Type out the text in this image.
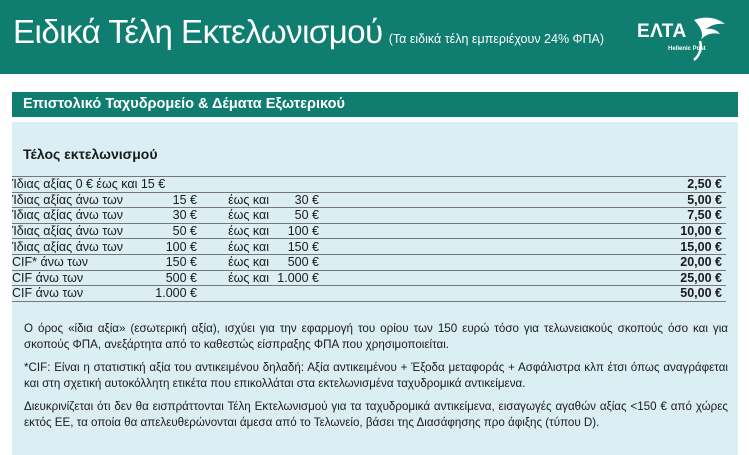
Ειδικά Τέλη Εκτελωνισμού (Τα ειδικά τέλη εμπεριέχουν 24% ΦΠΑ) ΕΛΤΑ
Hellenic Post
Επιστολικό Ταχυδρομείο & Δέματα Εξωτερικού
Τέλος εκτελωνισμού
Ίδιας αξίας 0 € έως και 15 €	2,50 €
Ίδιας αξίας άνω των 15 € έως και 30 €	5,00 €
Ίδιας αξίας άνω των 30 € έως και 50 €	7,50 €
Ίδιας αξίας άνω των 50 € έως και 100 €	10,00 €
Ίδιας αξίας άνω των 100 € έως και 150 €	15,00 €
CIF* άνω των 150 € έως και 500 €	20,00 €
CIF άνω των 500 € έως και 1.000 €	25,00 €
CIF άνω των 1.000 €	50,00 €

Ο όρος «ίδια αξία» (εσωτερική αξία), ισχύει για την εφαρμογή του ορίου των 150 ευρώ τόσο για τελωνειακούς σκοπούς όσο και για σκοπούς ΦΠΑ, ανεξάρτητα από το καθεστώς είσπραξης ΦΠΑ που χρησιμοποιείται.

*CIF: Είναι η στατιστική αξία του αντικειμένου δηλαδή: Αξία αντικειμένου + Έξοδα μεταφοράς + Ασφάλιστρα κλπ έτσι όπως αναγράφεται και στη σχετική αυτοκόλλητη ετικέτα που επικολλάται στα εκτελωνισμένα ταχυδρομικά αντικείμενα.

Διευκρινίζεται ότι δεν θα εισπράττονται Τέλη Εκτελωνισμού για τα ταχυδρομικά αντικείμενα, εισαγωγές αγαθών αξίας <150 € από χώρες εκτός ΕΕ, τα οποία θα απελευθερώνονται άμεσα από το Τελωνείο, βάσει της Διασάφησης προ άφιξης (τύπου D).
